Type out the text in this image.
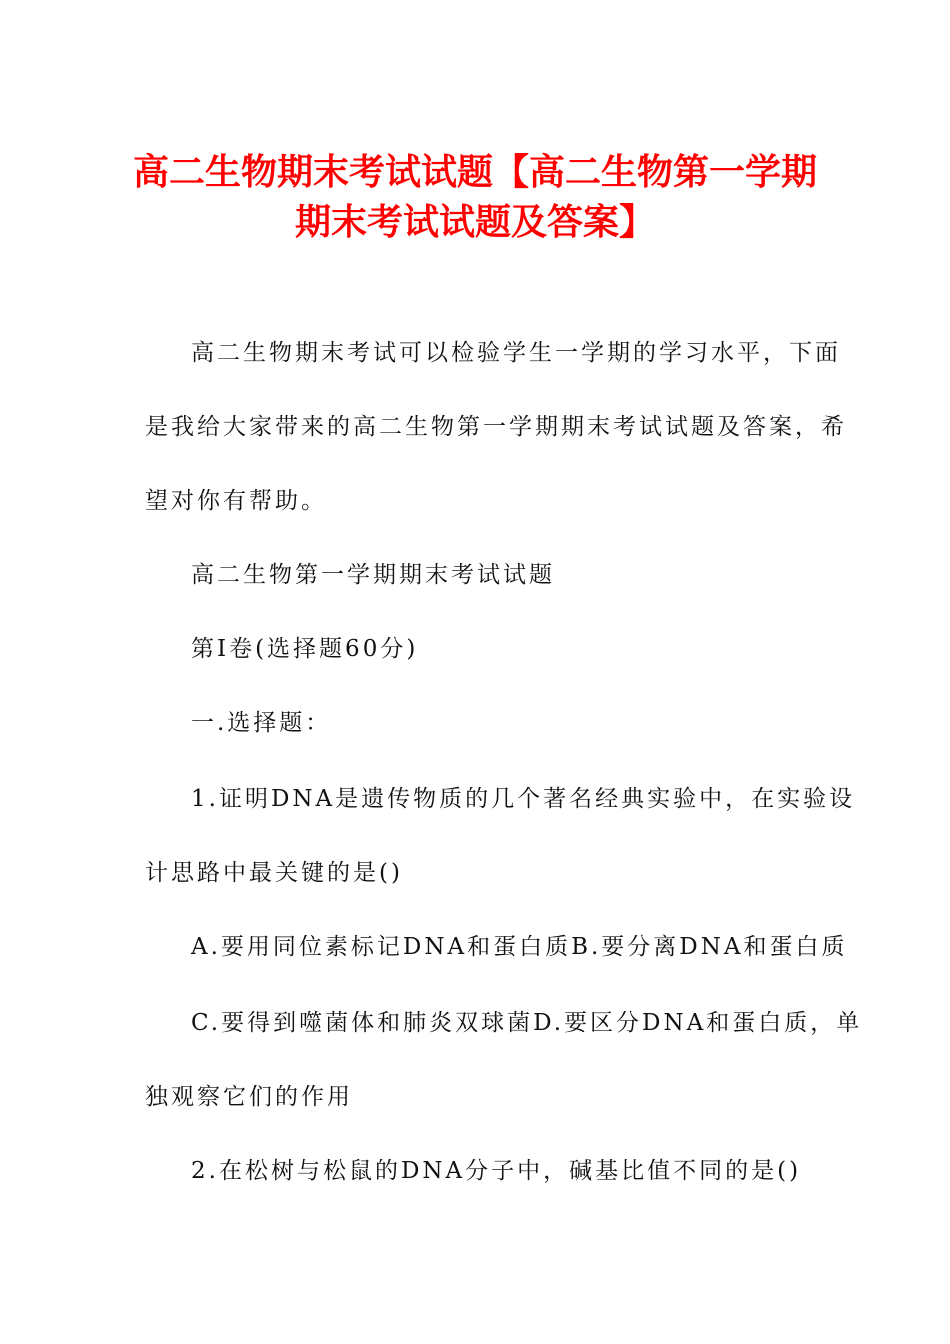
高二生物期末考试试题【高二生物第一学期
期末考试试题及答案】
高二生物期末考试可以检验学生一学期的学习水平，下面
是我给大家带来的高二生物第一学期期末考试试题及答案，希
望对你有帮助。
高二生物第一学期期末考试试题
第Ⅰ卷(选择题60分)
一.选择题：
1.证明DNA是遗传物质的几个著名经典实验中，在实验设
计思路中最关键的是()
A.要用同位素标记DNA和蛋白质B.要分离DNA和蛋白质
C.要得到噬菌体和肺炎双球菌D.要区分DNA和蛋白质，单
独观察它们的作用
2.在松树与松鼠的DNA分子中，碱基比值不同的是()
